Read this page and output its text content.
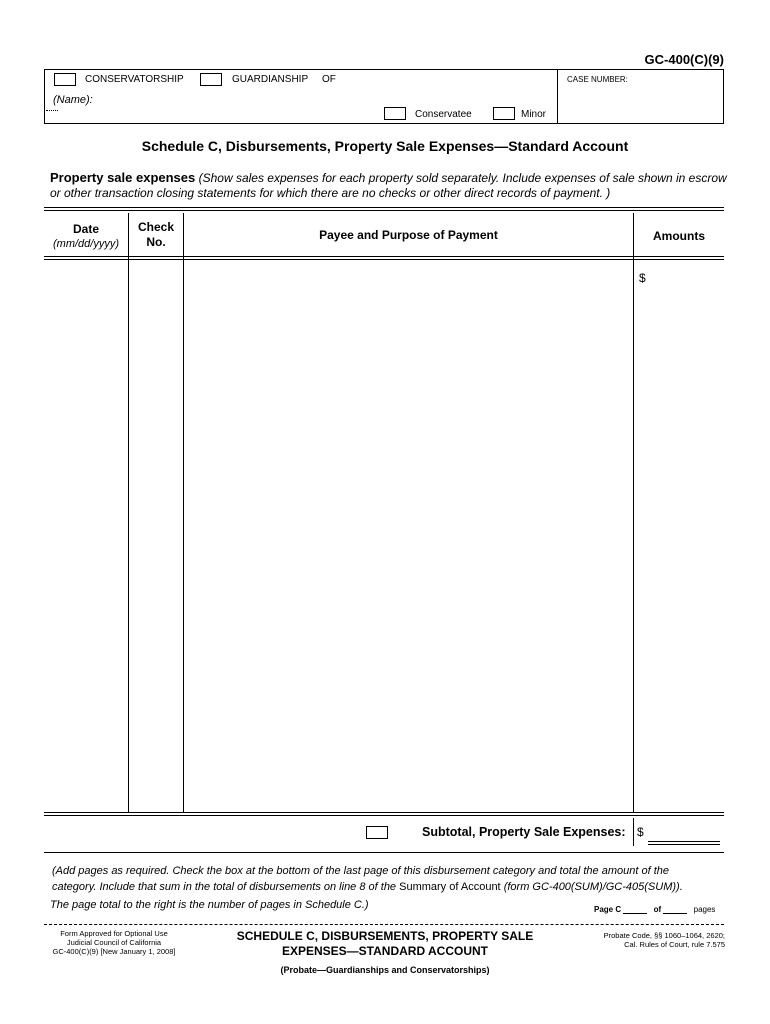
GC-400(C)(9)
CONSERVATORSHIP	GUARDIANSHIP OF
(Name):
Conservatee	Minor
CASE NUMBER:
Schedule C, Disbursements, Property Sale Expenses—Standard Account
Property sale expenses (Show sales expenses for each property sold separately. Include expenses of sale shown in escrow or other transaction closing statements for which there are no checks or other direct records of payment. )
Date
(mm/dd/yyyy)
Check
No.	Payee and Purpose of Payment	Amounts
$
Subtotal, Property Sale Expenses: $
(Add pages as required. Check the box at the bottom of the last page of this disbursement category and total the amount of the
category. Include that sum in the total of disbursements on line 8 of the Summary of Account (form GC-400(SUM)/GC-405(SUM)).
The page total to the right is the number of pages in Schedule C.)	Page C	of	pages
Form Approved for Optional Use
Judicial Council of California
GC-400(C)(9) [New January 1, 2008]
SCHEDULE C, DISBURSEMENTS, PROPERTY SALE
EXPENSES—STANDARD ACCOUNT
(Probate—Guardianships and Conservatorships)
Probate Code, §§ 1060–1064, 2620;
Cal. Rules of Court, rule 7.575
